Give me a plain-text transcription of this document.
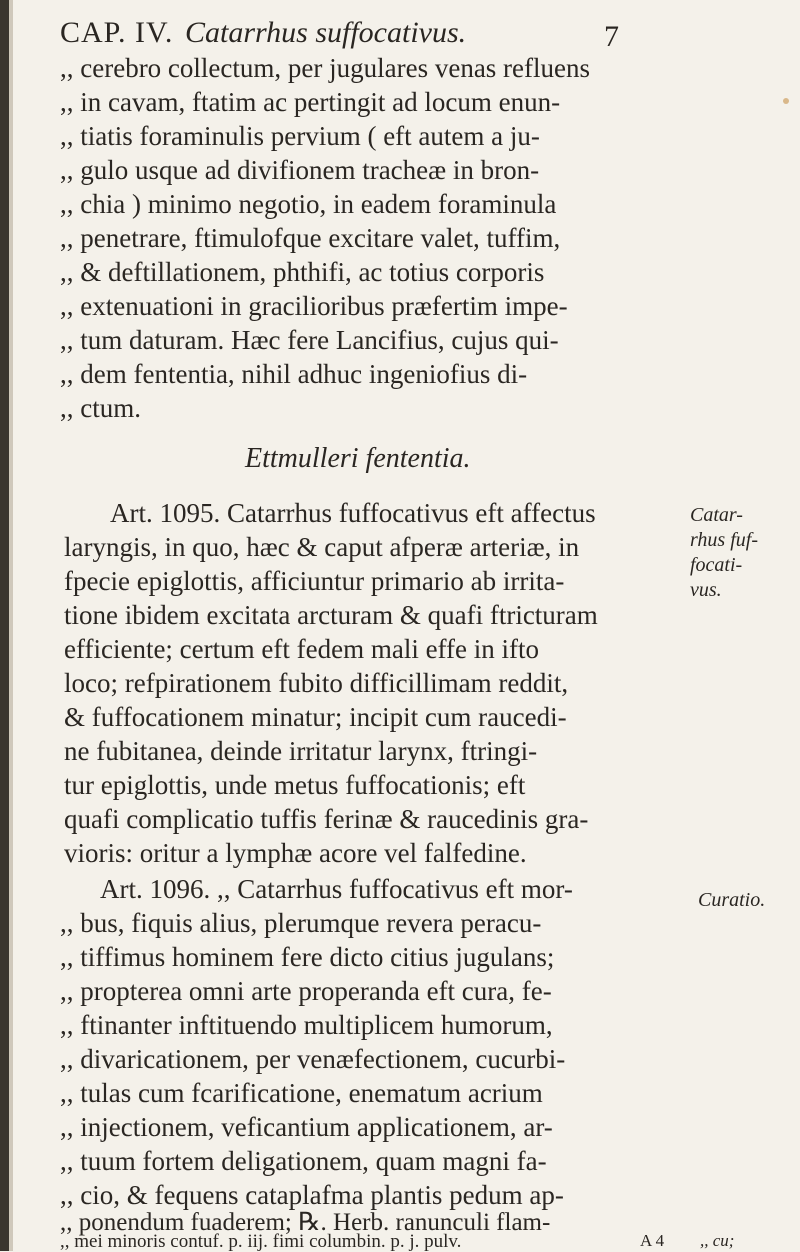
CAP. IV. Catarrhus suffocativus.	7
,, cerebro collectum, per jugulares venas refluens
,, in cavam, ftatim ac pertingit ad locum enun-
,, tiatis foraminulis pervium ( eft autem a ju-
,, gulo usque ad divifionem tracheæ in bron-
,, chia ) minimo negotio, in eadem foraminula
,, penetrare, ftimulofque excitare valet, tuffim,
,, & deftillationem, phthifi, ac totius corporis
,, extenuationi in gracilioribus præfertim impe-
,, tum daturam. Hæc fere Lancifius, cujus qui-
,, dem fententia, nihil adhuc ingeniofius di-
,, ctum.
Ettmulleri fententia.
Art. 1095. Catarrhus fuffocativus eft affectus
laryngis, in quo, hæc & caput afperæ arteriæ, in
fpecie epiglottis, afficiuntur primario ab irrita-
tione ibidem excitata arcturam & quafi ftricturam
efficiente; certum eft fedem mali effe in ifto
loco; refpirationem fubito difficillimam reddit,
& fuffocationem minatur; incipit cum raucedi-
ne fubitanea, deinde irritatur larynx, ftringi-
tur epiglottis, unde metus fuffocationis; eft
quafi complicatio tuffis ferinæ & raucedinis gra-
vioris: oritur a lymphæ acore vel falfedine.
Catar-
rhus fuf-
focati-
vus.
Art. 1096. ,, Catarrhus fuffocativus eft mor-
,, bus, fiquis alius, plerumque revera peracu-
,, tiffimus hominem fere dicto citius jugulans;
,, propterea omni arte properanda eft cura, fe-
,, ftinanter inftituendo multiplicem humorum,
,, divaricationem, per venæfectionem, cucurbi-
,, tulas cum fcarificatione, enematum acrium
,, injectionem, veficantium applicationem, ar-
,, tuum fortem deligationem, quam magni fa-
,, cio, & fequens cataplafma plantis pedum ap-
,, ponendum fuaderem; ℞. Herb. ranunculi flam-
,, mei minoris contuf. p. iij. fimi columbin. p. j. pulv.
Curatio.
A 4 ,, cu;
